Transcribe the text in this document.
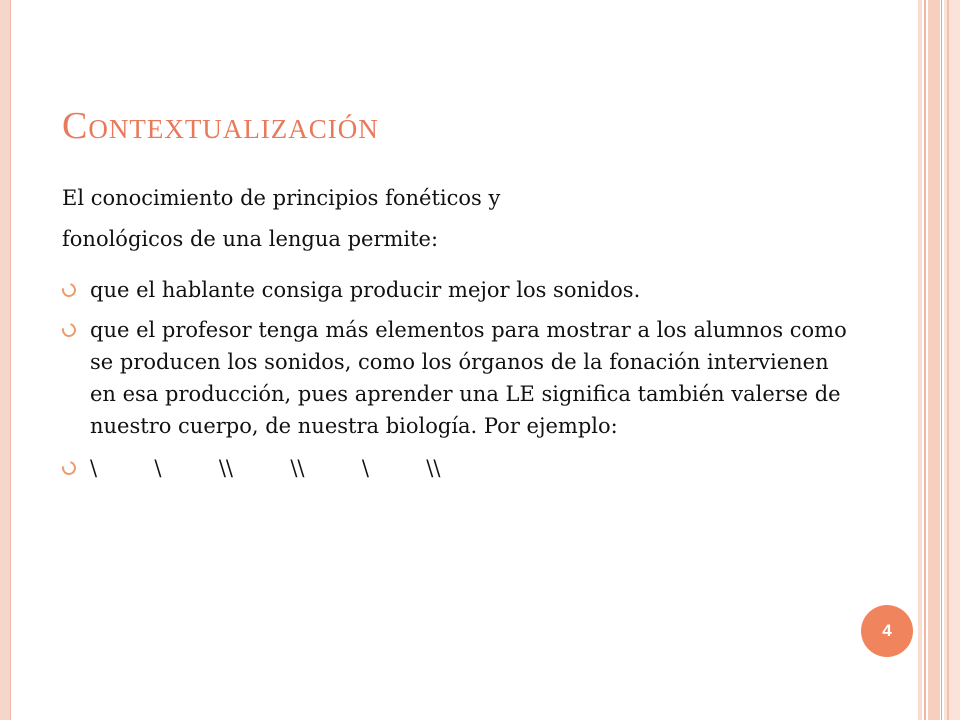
Contextualización
El conocimiento de principios fonéticos y
fonológicos de una lengua permite:
que el hablante consiga producir mejor los sonidos.
que el profesor tenga más elementos para mostrar a los alumnos como se producen los sonidos, como los órganos de la fonación intervienen en esa producción, pues aprender una LE significa también valerse de nuestro cuerpo, de nuestra biología. Por ejemplo:
\  \  \\  \\  \  \\
4
